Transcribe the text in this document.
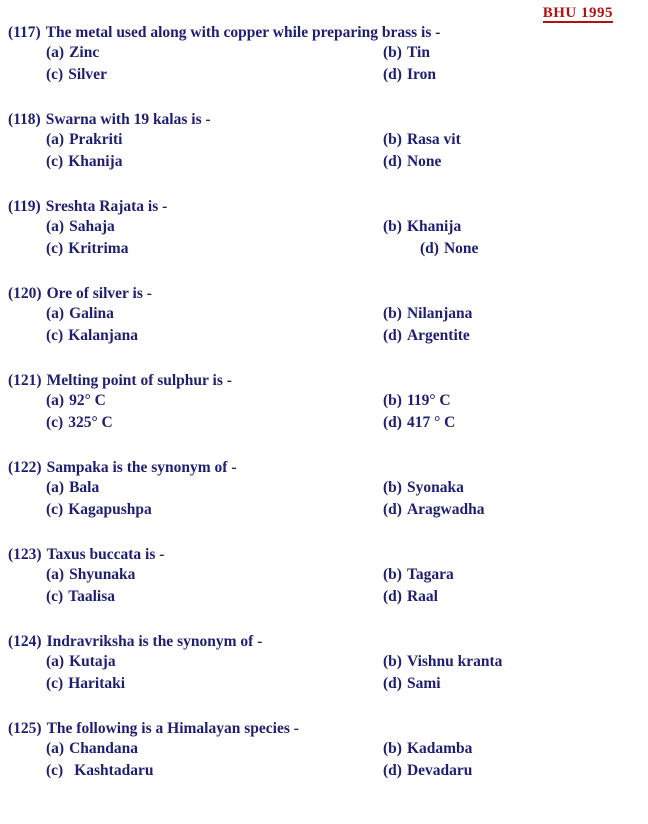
BHU 1995
(117) The metal used along with copper while preparing brass is -
(a) Zinc	(b) Tin
(c) Silver	(d) Iron
(118) Swarna with 19 kalas is -
(a) Prakriti	(b) Rasa vit
(c) Khanija	(d) None
(119) Sreshta Rajata is -
(a) Sahaja	(b) Khanija
(c) Kritrima	(d) None
(120) Ore of silver is -
(a) Galina	(b) Nilanjana
(c) Kalanjana	(d) Argentite
(121) Melting point of sulphur is -
(a) 92° C	(b) 119° C
(c) 325° C	(d) 417 ° C
(122) Sampaka is the synonym of -
(a) Bala	(b) Syonaka
(c) Kagapushpa	(d) Aragwadha
(123) Taxus buccata is -
(a) Shyunaka	(b) Tagara
(c) Taalisa	(d) Raal
(124) Indravriksha is the synonym of -
(a) Kutaja	(b) Vishnu kranta
(c) Haritaki	(d) Sami
(125) The following is a Himalayan species -
(a) Chandana	(b) Kadamba
(c) Kashtadaru	(d) Devadaru
